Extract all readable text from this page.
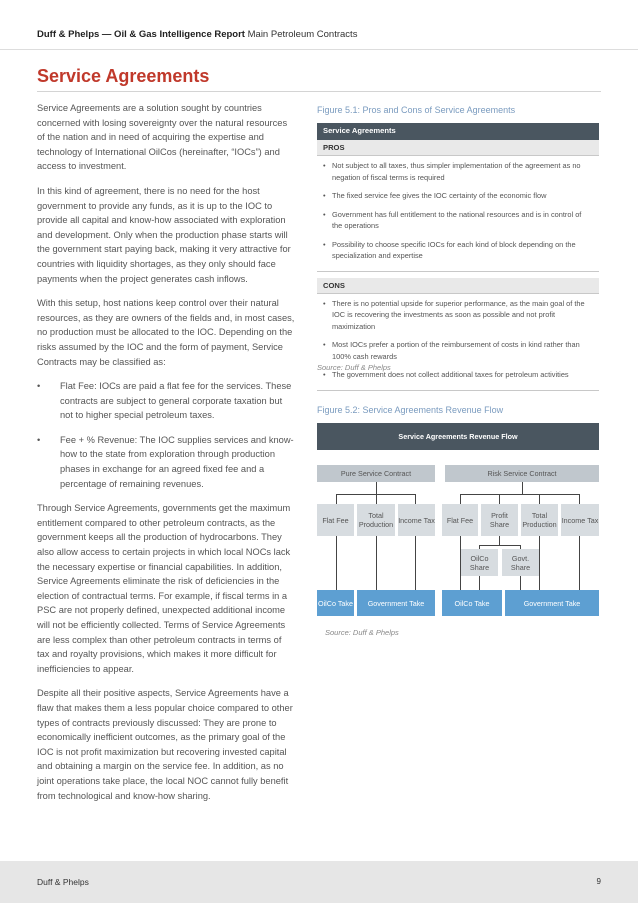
Duff & Phelps — Oil & Gas Intelligence Report Main Petroleum Contracts
Service Agreements

Service Agreements are a solution sought by countries concerned with losing sovereignty over the natural resources of the nation and in need of acquiring the expertise and technology of International OilCos (hereinafter, “IOCs”) and access to investment.

In this kind of agreement, there is no need for the host government to provide any funds, as it is up to the IOC to provide all capital and know-how associated with exploration and development. Only when the production phase starts will the government start paying back, making it very attractive for countries with liquidity shortages, as they only should face payments when the project generates cash inflows.

With this setup, host nations keep control over their natural resources, as they are owners of the fields and, in most cases, no production must be allocated to the IOC. Depending on the risks assumed by the IOC and the form of payment, Service Contracts may be classified as:

•	Flat Fee: IOCs are paid a flat fee for the services. These contracts are subject to general corporate taxation but not to higher special petroleum taxes.
•	Fee + % Revenue: The IOC supplies services and know-how to the state from exploration through production phases in exchange for an agreed fixed fee and a percentage of remaining revenues.

Through Service Agreements, governments get the maximum entitlement compared to other petroleum contracts, as the government keeps all the production of hydrocarbons. They also allow access to certain projects in which local NOCs lack the necessary expertise or financial capabilities. In addition, Service Agreements eliminate the risk of deficiencies in the election of contractual terms. For example, if fiscal terms in a PSC are not properly defined, unexpected additional income will not be efficiently collected. Terms of Service Agreements are less complex than other petroleum contracts in terms of tax and royalty provisions, which makes it more difficult for inefficiencies to appear.

Despite all their positive aspects, Service Agreements have a flaw that makes them a less popular choice compared to other types of contracts previously discussed: They are prone to economically inefficient outcomes, as the primary goal of the IOC is not profit maximization but recovering invested capital and obtaining a margin on the service fee. In addition, as no joint operations take place, the local NOC cannot fully benefit from technological and know-how sharing.

Figure 5.1: Pros and Cons of Service Agreements
Service Agreements
PROS
• Not subject to all taxes, thus simpler implementation of the agreement as no negation of fiscal terms is required
• The fixed service fee gives the IOC certainty of the economic flow
• Government has full entitlement to the national resources and is in control of the operations
• Possibility to choose specific IOCs for each kind of block depending on the specialization and expertise
CONS
• There is no potential upside for superior performance, as the main goal of the IOC is recovering the investments as soon as possible and not profit maximization
• Most IOCs prefer a portion of the reimbursement of costs in kind rather than 100% cash rewards
• The government does not collect additional taxes for petroleum activities
Source: Duff & Phelps
Figure 5.2: Service Agreements Revenue Flow
Service Agreements Revenue Flow
Pure Service Contract	Risk Service Contract
Flat Fee	Total Production Income Tax	Flat Fee	Profit Share
Total Production Income Tax
OilCo Share
Govt. Share
OilCo Take	Government Take	OilCo Take	Government Take
Source: Duff & Phelps
Duff & Phelps	9
